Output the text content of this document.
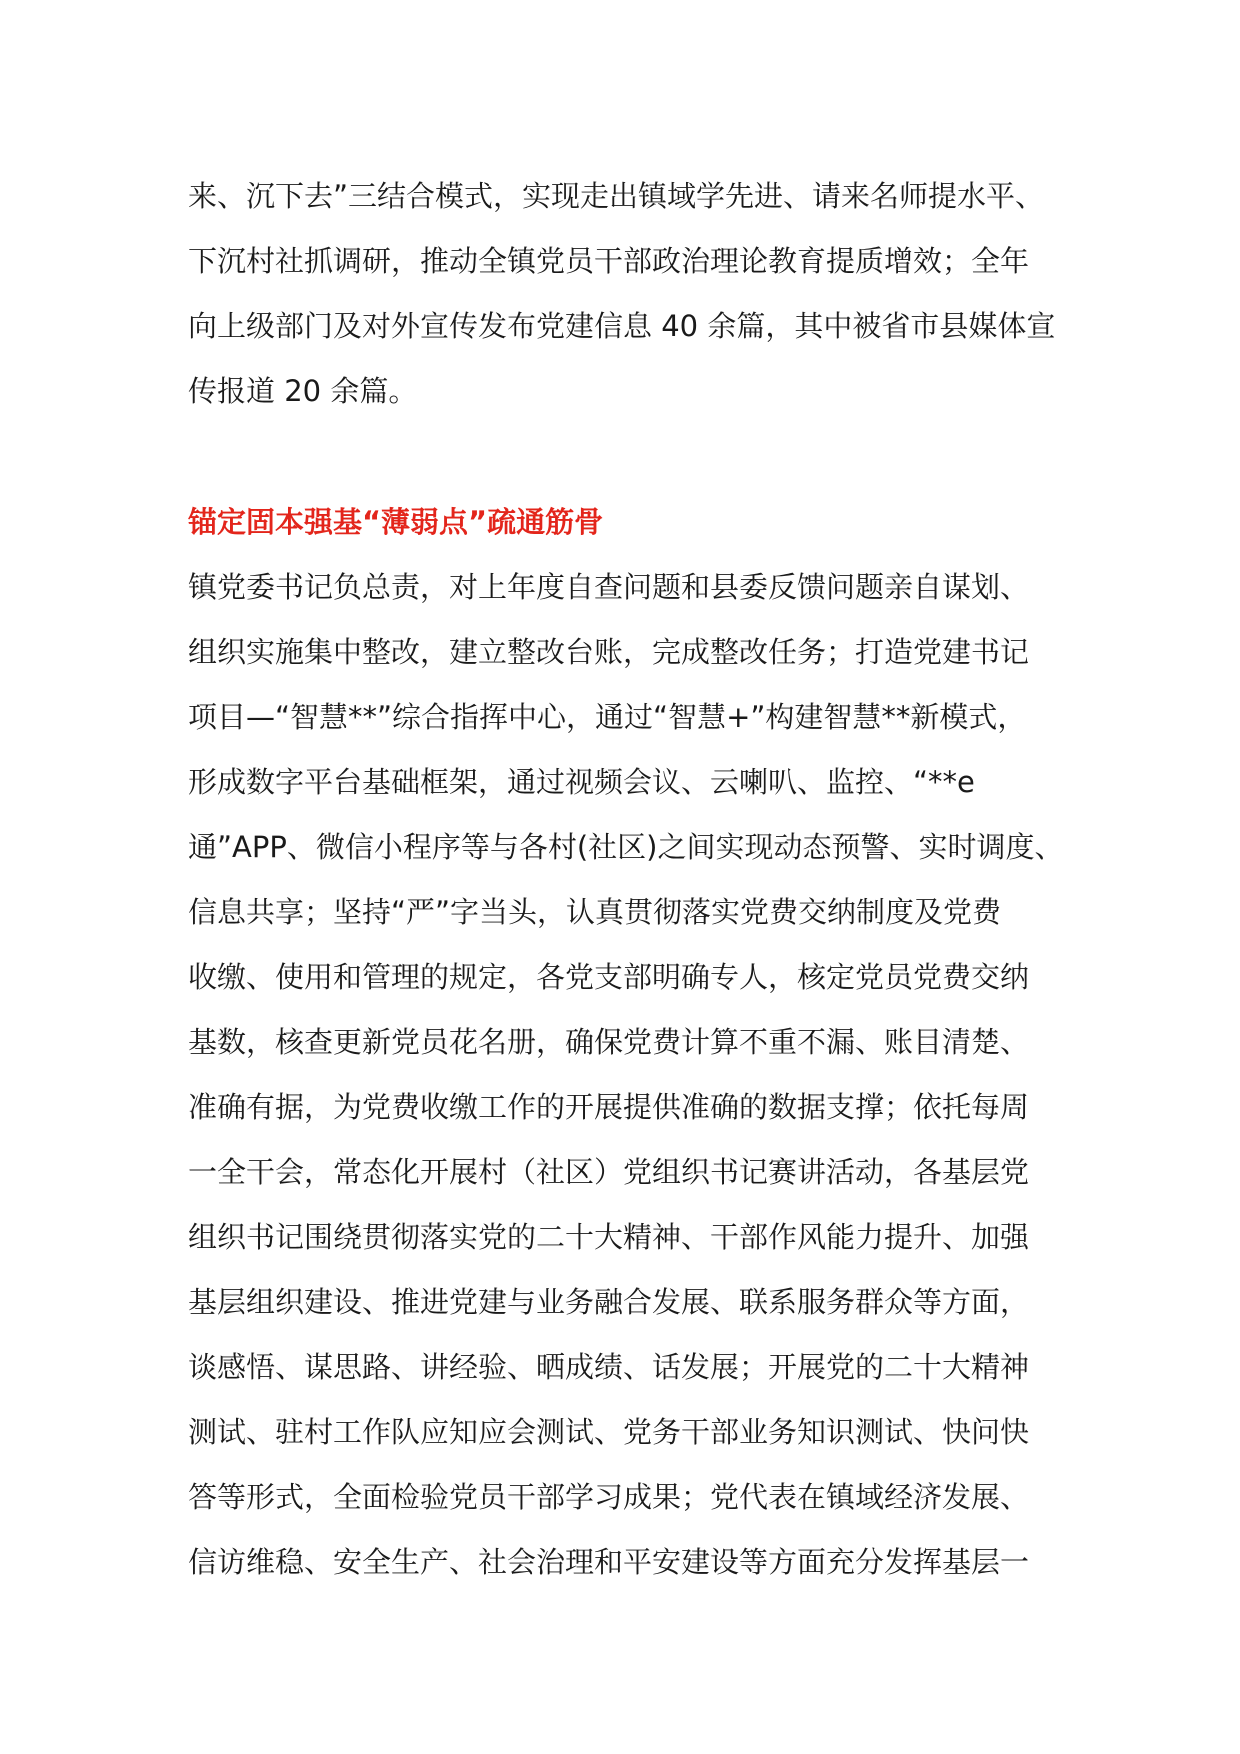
来、沉下去”三结合模式，实现走出镇域学先进、请来名师提水平、
下沉村社抓调研，推动全镇党员干部政治理论教育提质增效；全年
向上级部门及对外宣传发布党建信息 40 余篇，其中被省市县媒体宣
传报道 20 余篇。
锚定固本强基“薄弱点”疏通筋骨
镇党委书记负总责，对上年度自查问题和县委反馈问题亲自谋划、
组织实施集中整改，建立整改台账，完成整改任务；打造党建书记
项目—“智慧**”综合指挥中心，通过“智慧+”构建智慧**新模式，
形成数字平台基础框架，通过视频会议、云喇叭、监控、“**e
通”APP、微信小程序等与各村(社区)之间实现动态预警、实时调度、
信息共享；坚持“严”字当头，认真贯彻落实党费交纳制度及党费
收缴、使用和管理的规定，各党支部明确专人，核定党员党费交纳
基数，核查更新党员花名册，确保党费计算不重不漏、账目清楚、
准确有据，为党费收缴工作的开展提供准确的数据支撑；依托每周
一全干会，常态化开展村（社区）党组织书记赛讲活动，各基层党
组织书记围绕贯彻落实党的二十大精神、干部作风能力提升、加强
基层组织建设、推进党建与业务融合发展、联系服务群众等方面，
谈感悟、谋思路、讲经验、晒成绩、话发展；开展党的二十大精神
测试、驻村工作队应知应会测试、党务干部业务知识测试、快问快
答等形式，全面检验党员干部学习成果；党代表在镇域经济发展、
信访维稳、安全生产、社会治理和平安建设等方面充分发挥基层一
